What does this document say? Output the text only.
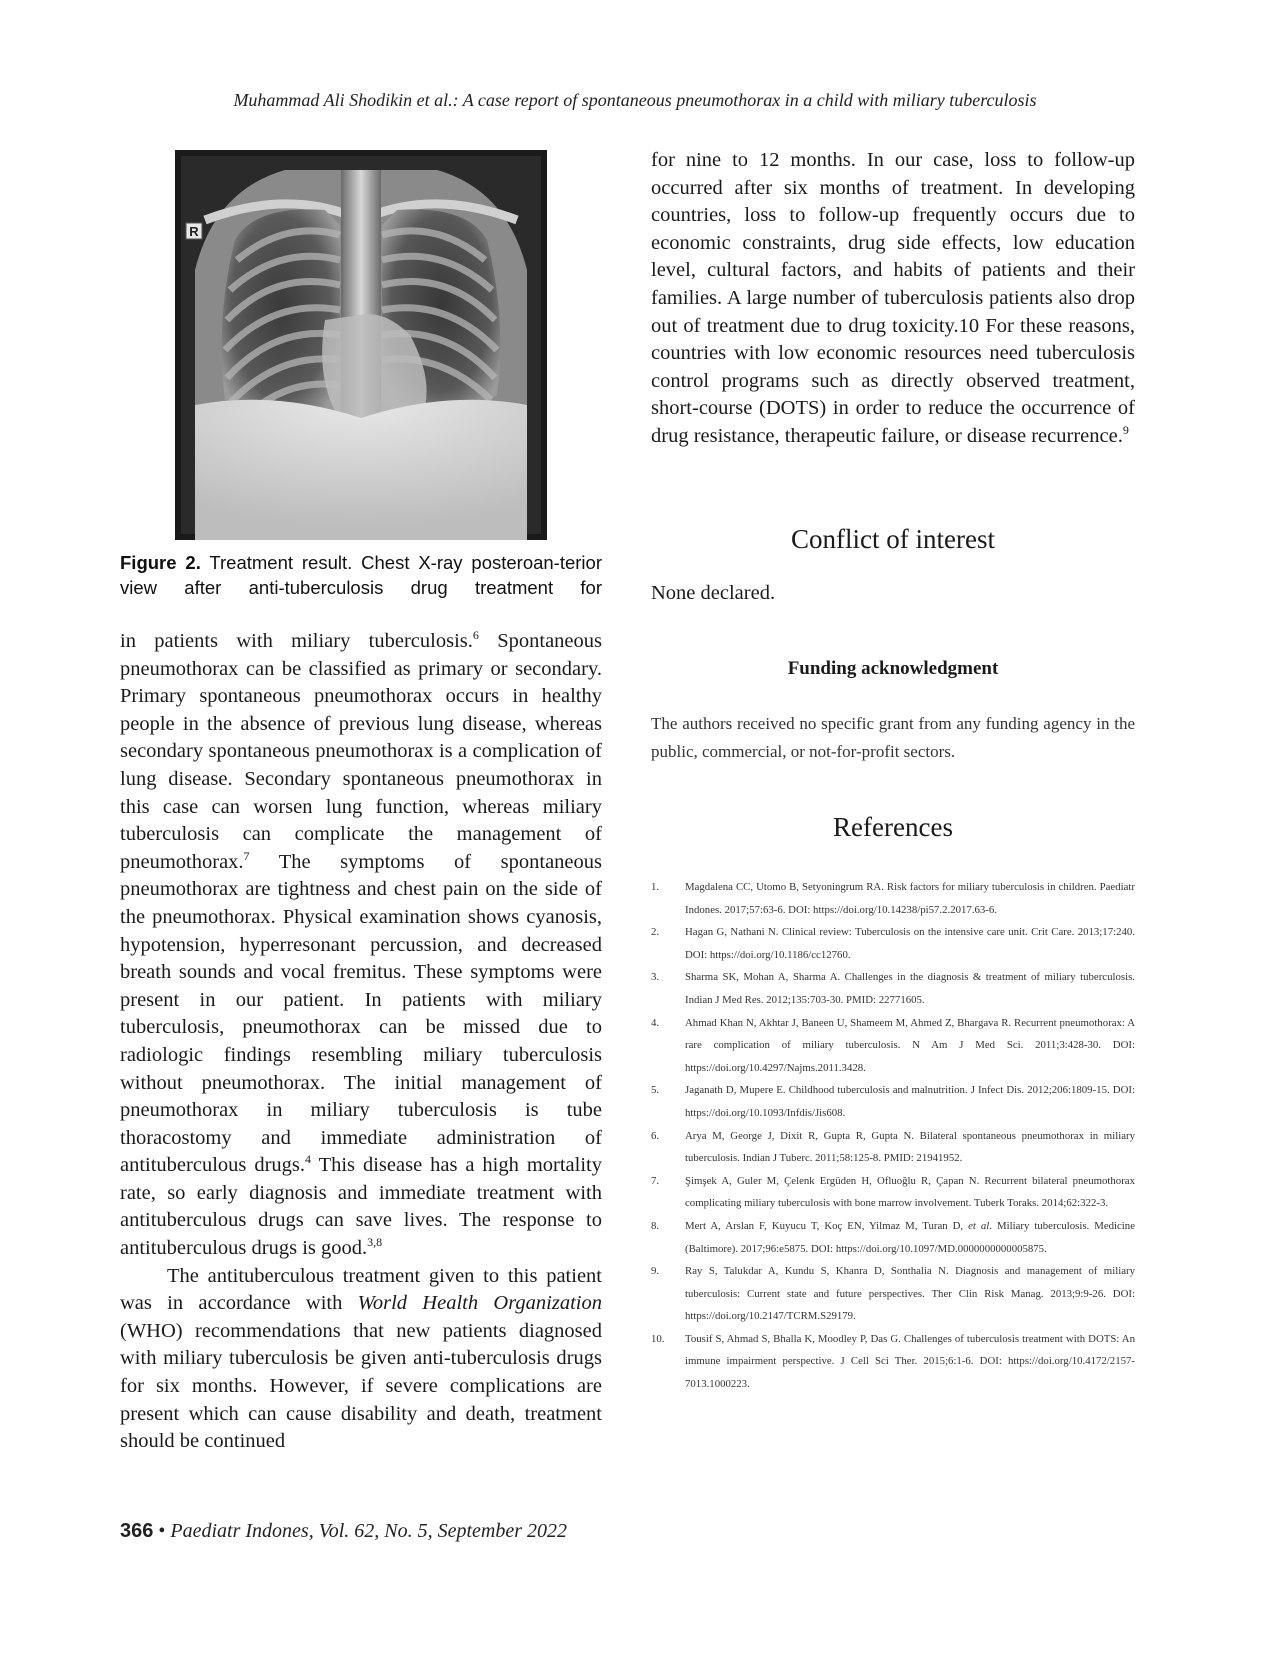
Muhammad Ali Shodikin et al.: A case report of spontaneous pneumothorax in a child with miliary tuberculosis
R
Figure 2. Treatment result. Chest X-ray posteroan-terior view after anti-tuberculosis drug treatment for

in patients with miliary tuberculosis.$^6$ Spontaneous pneumothorax can be classified as primary or secondary. Primary spontaneous pneumothorax occurs in healthy people in the absence of previous lung disease, whereas secondary spontaneous pneumothorax is a complication of lung disease. Secondary spontaneous pneumothorax in this case can worsen lung function, whereas miliary tuberculosis can complicate the management of pneumothorax.$^7$ The symptoms of spontaneous pneumothorax are tightness and chest pain on the side of the pneumothorax. Physical examination shows cyanosis, hypotension, hyperresonant percussion, and decreased breath sounds and vocal fremitus. These symptoms were present in our patient. In patients with miliary tuberculosis, pneumothorax can be missed due to radiologic findings resembling miliary tuberculosis without pneumothorax. The initial management of pneumothorax in miliary tuberculosis is tube thoracostomy and immediate administration of antituberculous drugs.$^4$ This disease has a high mortality rate, so early diagnosis and immediate treatment with antituberculous drugs can save lives. The response to antituberculous drugs is good.$^{3,8}$

The antituberculous treatment given to this patient was in accordance with World Health Organization (WHO) recommendations that new patients diagnosed with miliary tuberculosis be given anti-tuberculosis drugs for six months. However, if severe complications are present which can cause disability and death, treatment should be continued

for nine to 12 months. In our case, loss to follow-up occurred after six months of treatment. In developing countries, loss to follow-up frequently occurs due to economic constraints, drug side effects, low education level, cultural factors, and habits of patients and their families. A large number of tuberculosis patients also drop out of treatment due to drug toxicity.10 For these reasons, countries with low economic resources need tuberculosis control programs such as directly observed treatment, short-course (DOTS) in order to reduce the occurrence of drug resistance, therapeutic failure, or disease recurrence.$^9$

Conflict of interest

None declared.

Funding acknowledgment

The authors received no specific grant from any funding agency in the public, commercial, or not-for-profit sectors.

References
1. Magdalena CC, Utomo B, Setyoningrum RA. Risk factors for miliary tuberculosis in children. Paediatr Indones. 2017;57:63-6. DOI: https://doi.org/10.14238/pi57.2.2017.63-6.
2. Hagan G, Nathani N. Clinical review: Tuberculosis on the intensive care unit. Crit Care. 2013;17:240. DOI: https://doi.org/10.1186/cc12760.
3. Sharma SK, Mohan A, Sharma A. Challenges in the diagnosis & treatment of miliary tuberculosis. Indian J Med Res. 2012;135:703-30. PMID: 22771605.
4. Ahmad Khan N, Akhtar J, Baneen U, Shameem M, Ahmed Z, Bhargava R. Recurrent pneumothorax: A rare complication of miliary tuberculosis. N Am J Med Sci. 2011;3:428-30. DOI: https://doi.org/10.4297/Najms.2011.3428.
5. Jaganath D, Mupere E. Childhood tuberculosis and malnutrition. J Infect Dis. 2012;206:1809-15. DOI: https://doi.org/10.1093/Infdis/Jis608.
6. Arya M, George J, Dixit R, Gupta R, Gupta N. Bilateral spontaneous pneumothorax in miliary tuberculosis. Indian J Tuberc. 2011;58:125-8. PMID: 21941952.
7. Şimşek A, Guler M, Çelenk Ergüden H, Ofluoğlu R, Çapan N. Recurrent bilateral pneumothorax complicating miliary tuberculosis with bone marrow involvement. Tuberk Toraks. 2014;62:322-3.
8. Mert A, Arslan F, Kuyucu T, Koç EN, Yilmaz M, Turan D, et al. Miliary tuberculosis. Medicine (Baltimore). 2017;96:e5875. DOI: https://doi.org/10.1097/MD.0000000000005875.
9. Ray S, Talukdar A, Kundu S, Khanra D, Sonthalia N. Diagnosis and management of miliary tuberculosis: Current state and future perspectives. Ther Clin Risk Manag. 2013;9:9-26. DOI: https://doi.org/10.2147/TCRM.S29179.
10. Tousif S, Ahmad S, Bhalla K, Moodley P, Das G. Challenges of tuberculosis treatment with DOTS: An immune impairment perspective. J Cell Sci Ther. 2015;6:1-6. DOI: https://doi.org/10.4172/2157-7013.1000223.
366 • Paediatr Indones, Vol. 62, No. 5, September 2022
